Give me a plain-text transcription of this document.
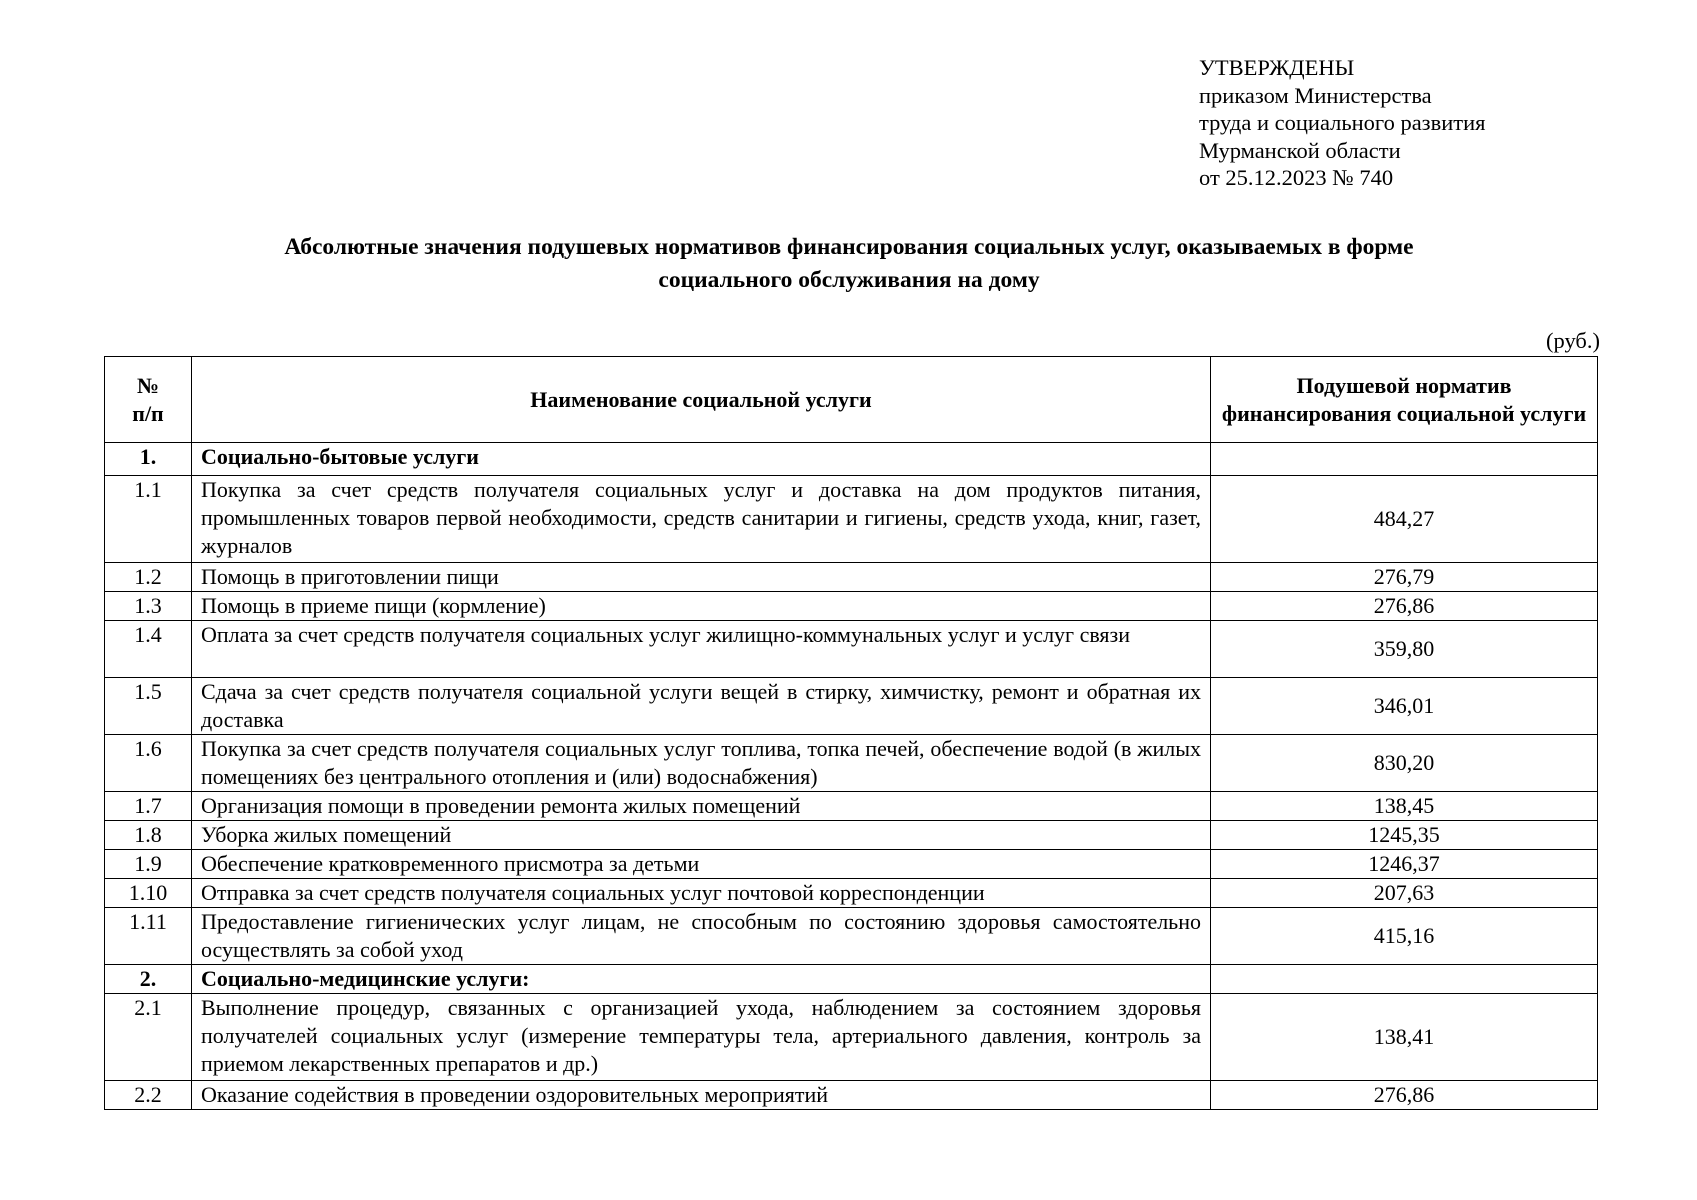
УТВЕРЖДЕНЫ
приказом Министерства
труда и социального развития
Мурманской области
от 25.12.2023 № 740
Абсолютные значения подушевых нормативов финансирования социальных услуг, оказываемых в форме
социального обслуживания на дому
(руб.)
№
п/п	Наименование социальной услуги	Подушевой норматив финансирования социальной услуги
1.	Социально-бытовые услуги	
1.1	Покупка за счет средств получателя социальных услуг и доставка на дом продуктов питания, промышленных товаров первой необходимости, средств санитарии и гигиены, средств ухода, книг, газет, журналов	484,27
1.2	Помощь в приготовлении пищи	276,79
1.3	Помощь в приеме пищи (кормление)	276,86
1.4	Оплата за счет средств получателя социальных услуг жилищно-коммунальных услуг и услуг связи	359,80
1.5	Сдача за счет средств получателя социальной услуги вещей в стирку, химчистку, ремонт и обратная их доставка	346,01
1.6	Покупка за счет средств получателя социальных услуг топлива, топка печей, обеспечение водой (в жилых помещениях без центрального отопления и (или) водоснабжения)	830,20
1.7	Организация помощи в проведении ремонта жилых помещений	138,45
1.8	Уборка жилых помещений	1245,35
1.9	Обеспечение кратковременного присмотра за детьми	1246,37
1.10	Отправка за счет средств получателя социальных услуг почтовой корреспонденции	207,63
1.11	Предоставление гигиенических услуг лицам, не способным по состоянию здоровья самостоятельно осуществлять за собой уход	415,16
2.	Социально-медицинские услуги:	
2.1	Выполнение процедур, связанных с организацией ухода, наблюдением за состоянием здоровья получателей социальных услуг (измерение температуры тела, артериального давления, контроль за приемом лекарственных препаратов и др.)	138,41
2.2	Оказание содействия в проведении оздоровительных мероприятий	276,86
